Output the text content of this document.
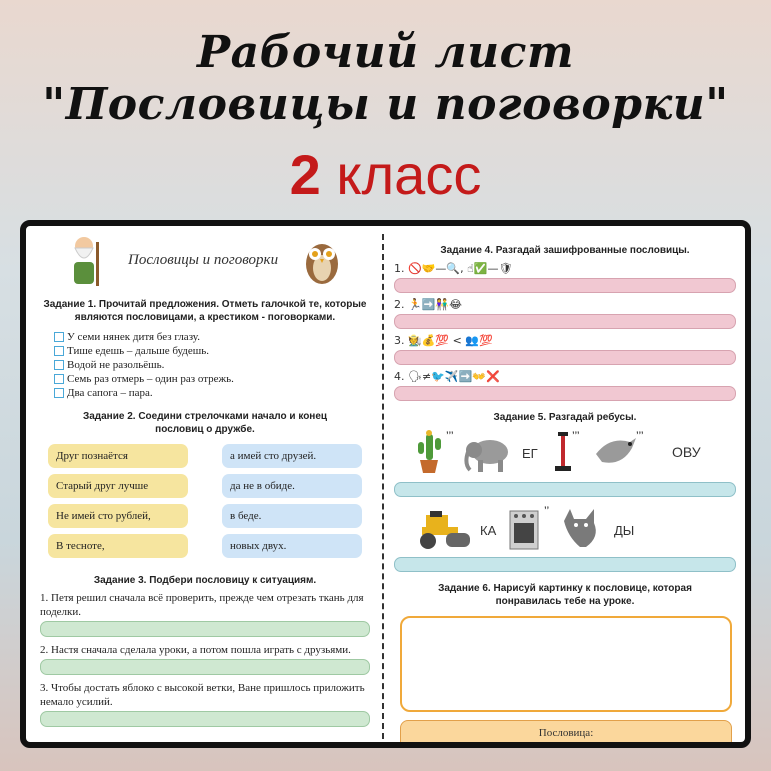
Рабочий лист
"Пословицы и поговорки"
2 класс
Пословицы и поговорки
Задание 1. Прочитай предложения. Отметь галочкой те, которые являются пословицами, а крестиком - поговорками.
У семи нянек дитя без глазу.
Тише едешь – дальше будешь.
Водой не разольёшь.
Семь раз отмерь – один раз отрежь.
Два сапога – пара.
Задание 2. Соедини стрелочками начало и конец пословиц о дружбе.
Друг познаётся
Старый друг лучше
Не имей сто рублей,
В тесноте,
а имей сто друзей.
да не в обиде.
в беде.
новых двух.
Задание 3. Подбери пословицу к ситуациям.
1. Петя решил сначала всё проверить, прежде чем отрезать ткань для поделки.
2. Настя сначала сделала уроки, а потом пошла играть с друзьями.
3. Чтобы достать яблоко с высокой ветки, Ване пришлось приложить немало усилий.
Задание 4. Разгадай зашифрованные пословицы.
1. 🚫🤝—🔍, ☝✅—🛡
2. 🏃➡️👫😂
3. 🧑‍🌾💰💯 < 👥💯
4. 🗣≠🐦✈️➡️👐❌
Задание 5. Разгадай ребусы.
’’’
ЕГ
’’’	’’’
ОВУ
КА
’’
ДЫ
Задание 6. Нарисуй картинку к пословице, которая понравилась тебе на уроке.
Пословица:
